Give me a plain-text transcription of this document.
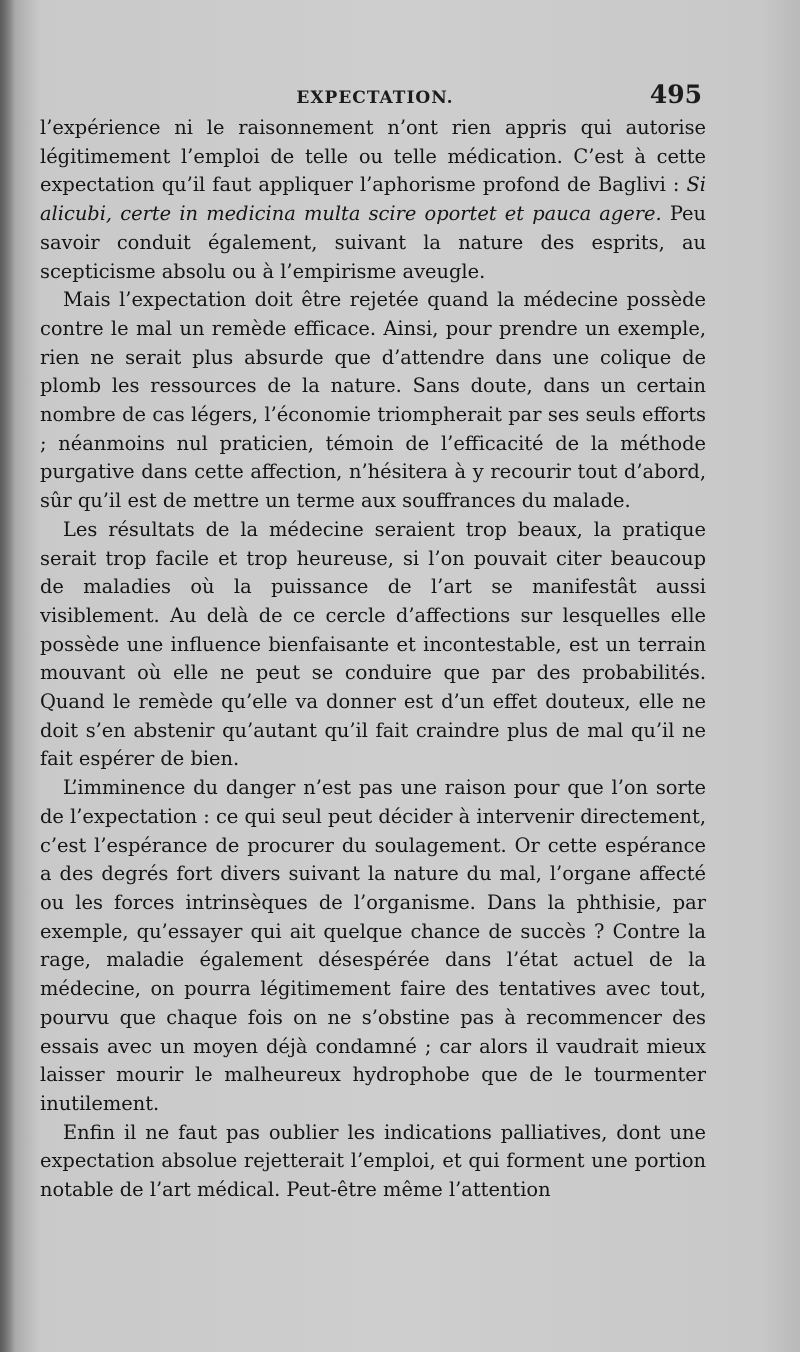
EXPECTATION.	495

l’expérience ni le raisonnement n’ont rien appris qui autorise légitimement l’emploi de telle ou telle médication. C’est à cette expectation qu’il faut appliquer l’aphorisme profond de Baglivi : Si alicubi, certe in medicina multa scire oportet et pauca agere. Peu savoir conduit également, suivant la nature des esprits, au scepticisme absolu ou à l’empirisme aveugle.

Mais l’expectation doit être rejetée quand la médecine possède contre le mal un remède efficace. Ainsi, pour prendre un exemple, rien ne serait plus absurde que d’attendre dans une colique de plomb les ressources de la nature. Sans doute, dans un certain nombre de cas légers, l’économie triompherait par ses seuls efforts ; néanmoins nul praticien, témoin de l’efficacité de la méthode purgative dans cette affection, n’hésitera à y recourir tout d’abord, sûr qu’il est de mettre un terme aux souffrances du malade.

Les résultats de la médecine seraient trop beaux, la pratique serait trop facile et trop heureuse, si l’on pouvait citer beaucoup de maladies où la puissance de l’art se manifestât aussi visiblement. Au delà de ce cercle d’affections sur lesquelles elle possède une influence bienfaisante et incontestable, est un terrain mouvant où elle ne peut se conduire que par des probabilités. Quand le remède qu’elle va donner est d’un effet douteux, elle ne doit s’en abstenir qu’autant qu’il fait craindre plus de mal qu’il ne fait espérer de bien.

L’imminence du danger n’est pas une raison pour que l’on sorte de l’expectation : ce qui seul peut décider à intervenir directement, c’est l’espérance de procurer du soulagement. Or cette espérance a des degrés fort divers suivant la nature du mal, l’organe affecté ou les forces intrinsèques de l’organisme. Dans la phthisie, par exemple, qu’essayer qui ait quelque chance de succès ? Contre la rage, maladie également désespérée dans l’état actuel de la médecine, on pourra légitimement faire des tentatives avec tout, pourvu que chaque fois on ne s’obstine pas à recommencer des essais avec un moyen déjà condamné ; car alors il vaudrait mieux laisser mourir le malheureux hydrophobe que de le tourmenter inutilement.

Enfin il ne faut pas oublier les indications palliatives, dont une expectation absolue rejetterait l’emploi, et qui forment une portion notable de l’art médical. Peut-être même l’attention
